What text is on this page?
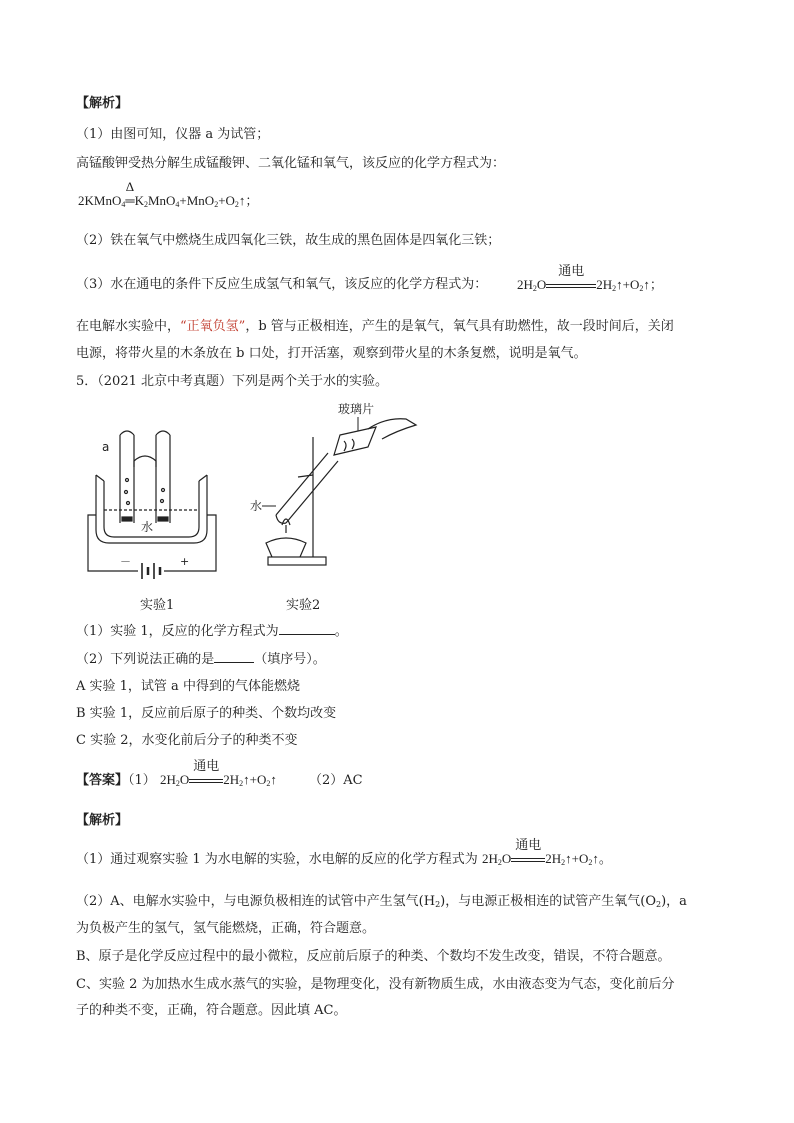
【解析】
（1）由图可知，仪器 a 为试管；
高锰酸钾受热分解生成锰酸钾、二氧化锰和氧气，该反应的化学方程式为：
2KMnO$_4$
Δ
$═K_2MnO_4+MnO_2+O_2↑$；
（2）铁在氧气中燃烧生成四氧化三铁，故生成的黑色固体是四氧化三铁；
（3）水在通电的条件下反应生成氢气和氧气，该反应的化学方程式为： $2H_2O$
通电
$2H_2↑+O_2↑$；
在电解水实验中，“正氧负氢”，b 管与正极相连，产生的是氧气，氧气具有助燃性，故一段时间后，关闭
电源，将带火星的木条放在 b 口处，打开活塞，观察到带火星的木条复燃，说明是氧气。
5．（2021 北京中考真题）下列是两个关于水的实验。
a
水
－	+
水
玻璃片
实验1	实验2
（1）实验 1，反应的化学方程式为	。
（2）下列说法正确的是	（填序号）。
A 实验 1，试管 a 中得到的气体能燃烧
B 实验 1，反应前后原子的种类、个数均改变
C 实验 2，水变化前后分子的种类不变
【答案】（1） $2H_2O$
通电
$2H_2↑+O_2↑$ （2）AC
【解析】
（1）通过观察实验 1 为水电解的实验，水电解的反应的化学方程式为 $2H_2O$
通电
$2H_2↑+O_2↑$。
（2）A、电解水实验中，与电源负极相连的试管中产生氢气$(H_2)$，与电源正极相连的试管产生氧气$(O_2)$，a
为负极产生的氢气，氢气能燃烧，正确，符合题意。
B、原子是化学反应过程中的最小微粒，反应前后原子的种类、个数均不发生改变，错误，不符合题意。
C、实验 2 为加热水生成水蒸气的实验，是物理变化，没有新物质生成，水由液态变为气态，变化前后分
子的种类不变，正确，符合题意。因此填 AC。
